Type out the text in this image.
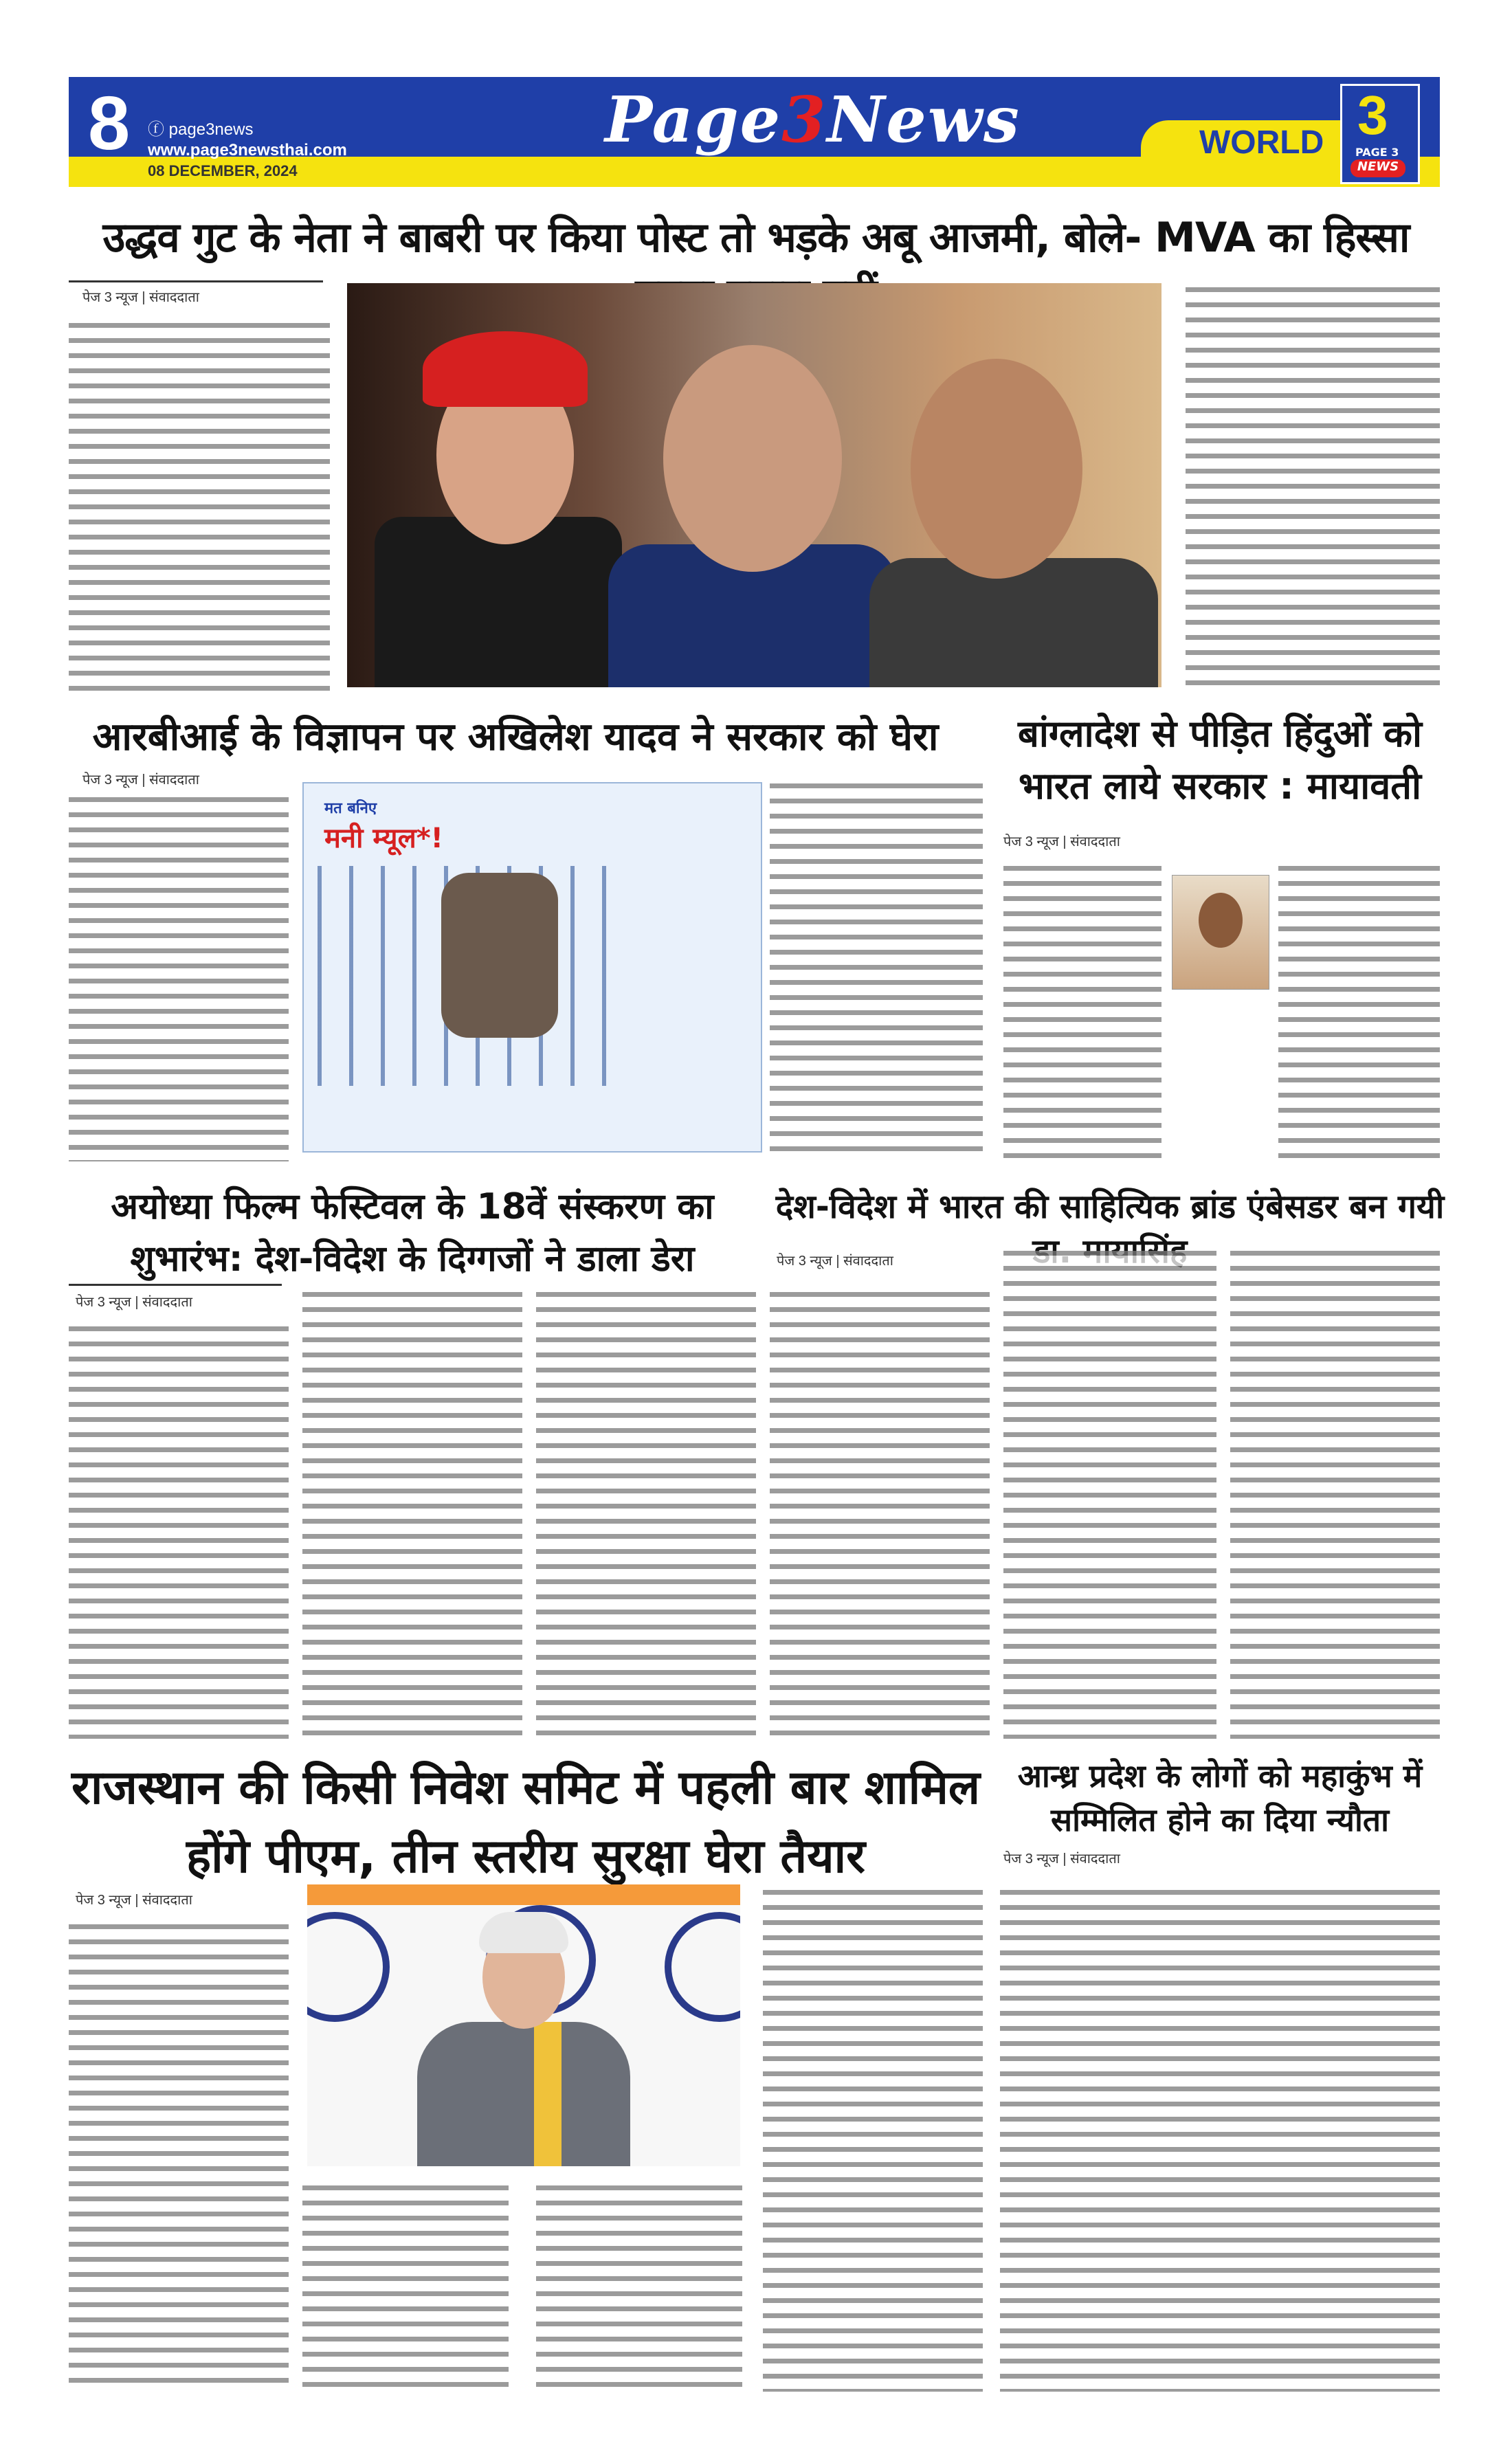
8 ⓕ page3news
www.page3newsthai.com
08 DECEMBER, 2024
Page3News	WORLD 3
PAGE 3
NEWS
उद्धव गुट के नेता ने बाबरी पर किया पोस्ट तो भड़के अबू आजमी, बोले- MVA का हिस्सा
पेज 3 न्यूज | संवाददाता
आरबीआई के विज्ञापन पर अखिलेश यादव ने सरकार को घेरा
पेज 3 न्यूज | संवाददाता
मत बनिए
मनी म्यूल*!
बांग्लादेश से पीड़ित हिंदुओं को भारत लाये सरकार : मायावती
पेज 3 न्यूज | संवाददाता
अयोध्या फिल्म फेस्टिवल के 18वें संस्करण का शुभारंभ: देश-विदेश के दिग्गजों ने डाला डेरा
पेज 3 न्यूज | संवाददाता
देश-विदेश में भारत की साहित्यिक ब्रांड एंबेसडर बन गयी
पेज 3 न्यूज | संवाददाता
राजस्थान की किसी निवेश समिट में पहली बार शामिल होंगे पीएम, तीन स्तरीय सुरक्षा घेरा तैयार
पेज 3 न्यूज | संवाददाता
आन्ध्र प्रदेश के लोगों को महाकुंभ में सम्मिलित होने का दिया न्यौता
पेज 3 न्यूज | संवाददाता
